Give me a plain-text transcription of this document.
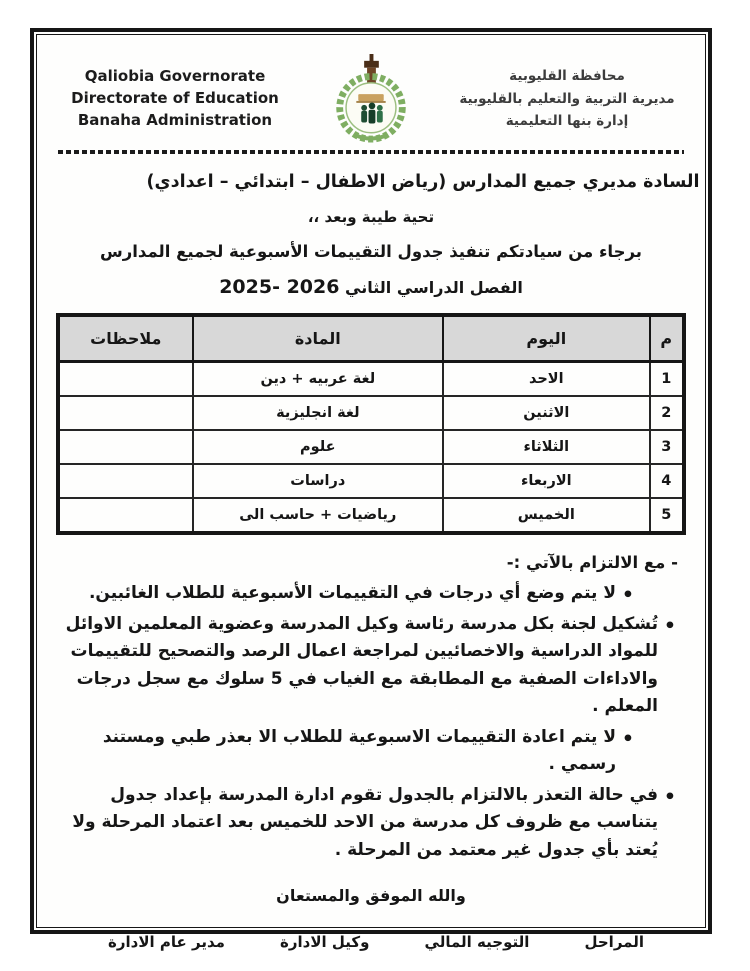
Qaliobia Governorate
Directorate of Education
Banaha Administration
محافظة القليوبية
مديرية التربية والتعليم بالقليوبية
إدارة بنها التعليمية
السادة مديري جميع المدارس (رياض الاطفال – ابتدائي – اعدادي)
تحية طيبة وبعد ،،
برجاء من سيادتكم تنفيذ جدول التقييمات الأسبوعية لجميع المدارس
الفصل الدراسي الثاني 2025- 2026
م	اليوم	المادة	ملاحظات
1	الاحد	لغة عربيه + دين	
2	الاثنين	لغة انجليزية	
3	الثلاثاء	علوم	
4	الاربعاء	دراسات	
5	الخميس	رياضيات + حاسب الى	
- مع الالتزام بالآتي :-
• لا يتم وضع أي درجات في التقييمات الأسبوعية للطلاب الغائبين.
• تُشكيل لجنة بكل مدرسة رئاسة وكيل المدرسة وعضوية المعلمين الاوائل للمواد الدراسية والاخصائيين لمراجعة اعمال الرصد والتصحيح للتقييمات والاداءات الصفية مع المطابقة مع الغياب في 5 سلوك مع سجل درجات المعلم .
• لا يتم اعادة التقييمات الاسبوعية للطلاب الا بعذر طبي ومستند رسمي .
• في حالة التعذر بالالتزام بالجدول تقوم ادارة المدرسة بإعداد جدول يتناسب مع ظروف كل مدرسة من الاحد للخميس بعد اعتماد المرحلة ولا يُعتد بأي جدول غير معتمد من المرحلة .
والله الموفق والمستعان
المراحل
التوجيه المالي
وكيل الادارة
مدير عام الادارة
